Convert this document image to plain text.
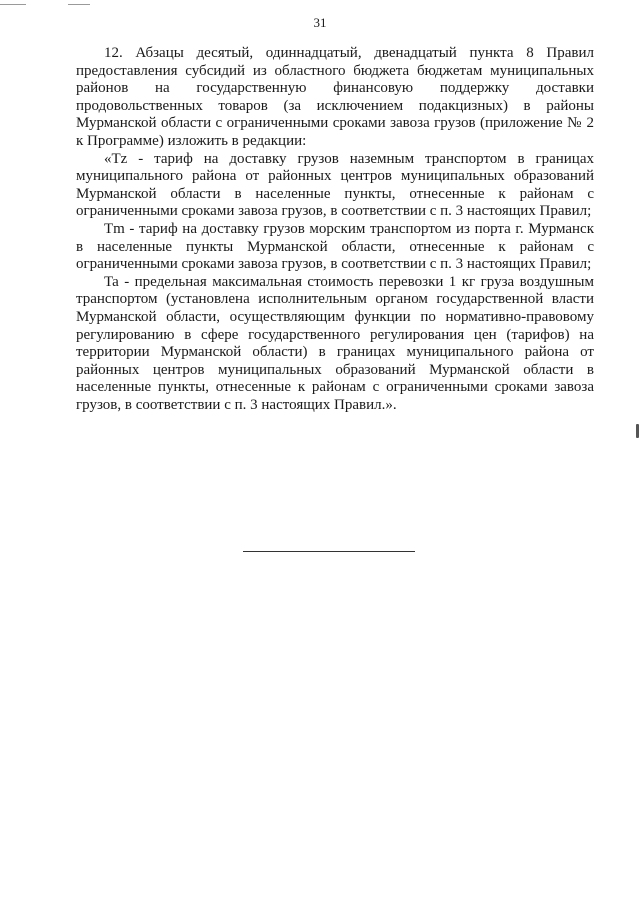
31

12. Абзацы десятый, одиннадцатый, двенадцатый пункта 8 Правил предоставления субсидий из областного бюджета бюджетам муниципальных районов на государственную финансовую поддержку доставки продовольственных товаров (за исключением подакцизных) в районы Мурманской области с ограниченными сроками завоза грузов (приложение № 2 к Программе) изложить в редакции:

«Tz - тариф на доставку грузов наземным транспортом в границах муниципального района от районных центров муниципальных образований Мурманской области в населенные пункты, отнесенные к районам с ограниченными сроками завоза грузов, в соответствии с п. 3 настоящих Правил;

Tm - тариф на доставку грузов морским транспортом из порта г. Мурманск в населенные пункты Мурманской области, отнесенные к районам с ограниченными сроками завоза грузов, в соответствии с п. 3 настоящих Правил;

Ta - предельная максимальная стоимость перевозки 1 кг груза воздушным транспортом (установлена исполнительным органом государственной власти Мурманской области, осуществляющим функции по нормативно-правовому регулированию в сфере государственного регулирования цен (тарифов) на территории Мурманской области) в границах муниципального района от районных центров муниципальных образований Мурманской области в населенные пункты, отнесенные к районам с ограниченными сроками завоза грузов, в соответствии с п. 3 настоящих Правил.».
